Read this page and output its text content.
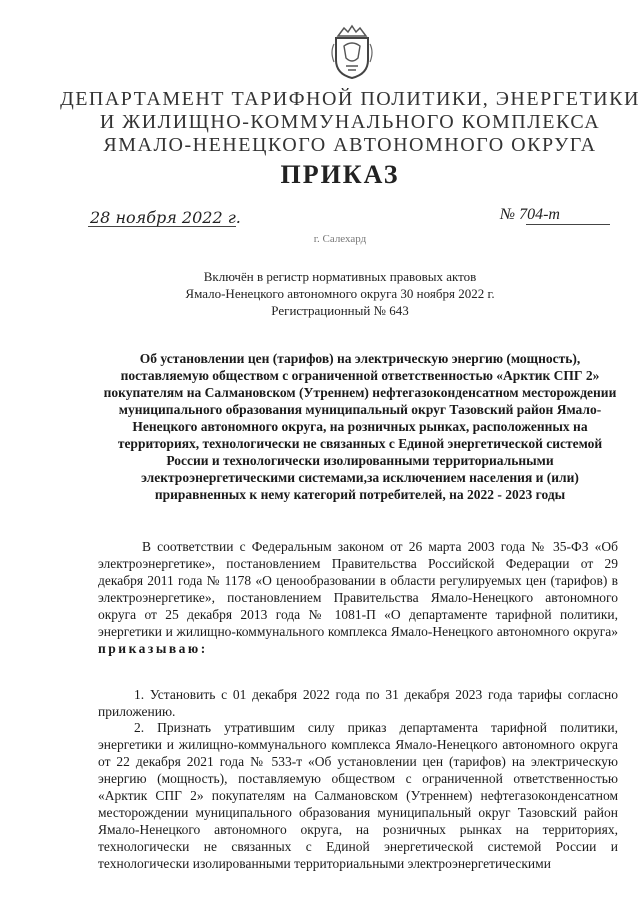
ДЕПАРТАМЕНТ ТАРИФНОЙ ПОЛИТИКИ, ЭНЕРГЕТИКИ
И ЖИЛИЩНО-КОММУНАЛЬНОГО КОМПЛЕКСА
ЯМАЛО-НЕНЕЦКОГО АВТОНОМНОГО ОКРУГА
ПРИКАЗ
28 ноября 2022 г.	№ 704-т
г. Салехард
Включён в регистр нормативных правовых актов
Ямало-Ненецкого автономного округа 30 ноября 2022 г.
Регистрационный № 643
Об установлении цен (тарифов) на электрическую энергию (мощность), поставляемую обществом с ограниченной ответственностью «Арктик СПГ 2» покупателям на Салмановском (Утреннем) нефтегазоконденсатном месторождении муниципального образования муниципальный округ Тазовский район Ямало-Ненецкого автономного округа, на розничных рынках, расположенных на территориях, технологически не связанных с Единой энергетической системой России и технологически изолированными территориальными электроэнергетическими системами,за исключением населения и (или) приравненных к нему категорий потребителей, на 2022 - 2023 годы
В соответствии с Федеральным законом от 26 марта 2003 года № 35-ФЗ «Об электроэнергетике», постановлением Правительства Российской Федерации от 29 декабря 2011 года № 1178 «О ценообразовании в области регулируемых цен (тарифов) в электроэнергетике», постановлением Правительства Ямало-Ненецкого автономного округа от 25 декабря 2013 года № 1081-П «О департаменте тарифной политики, энергетики и жилищно-коммунального комплекса Ямало-Ненецкого автономного округа» приказываю:
1. Установить с 01 декабря 2022 года по 31 декабря 2023 года тарифы согласно приложению.
2. Признать утратившим силу приказ департамента тарифной политики, энергетики и жилищно-коммунального комплекса Ямало-Ненецкого автономного округа от 22 декабря 2021 года № 533-т «Об установлении цен (тарифов) на электрическую энергию (мощность), поставляемую обществом с ограниченной ответственностью «Арктик СПГ 2» покупателям на Салмановском (Утреннем) нефтегазоконденсатном месторождении муниципального образования муниципальный округ Тазовский район Ямало-Ненецкого автономного округа, на розничных рынках на территориях, технологически не связанных с Единой энергетической системой России и технологически изолированными территориальными электроэнергетическими
